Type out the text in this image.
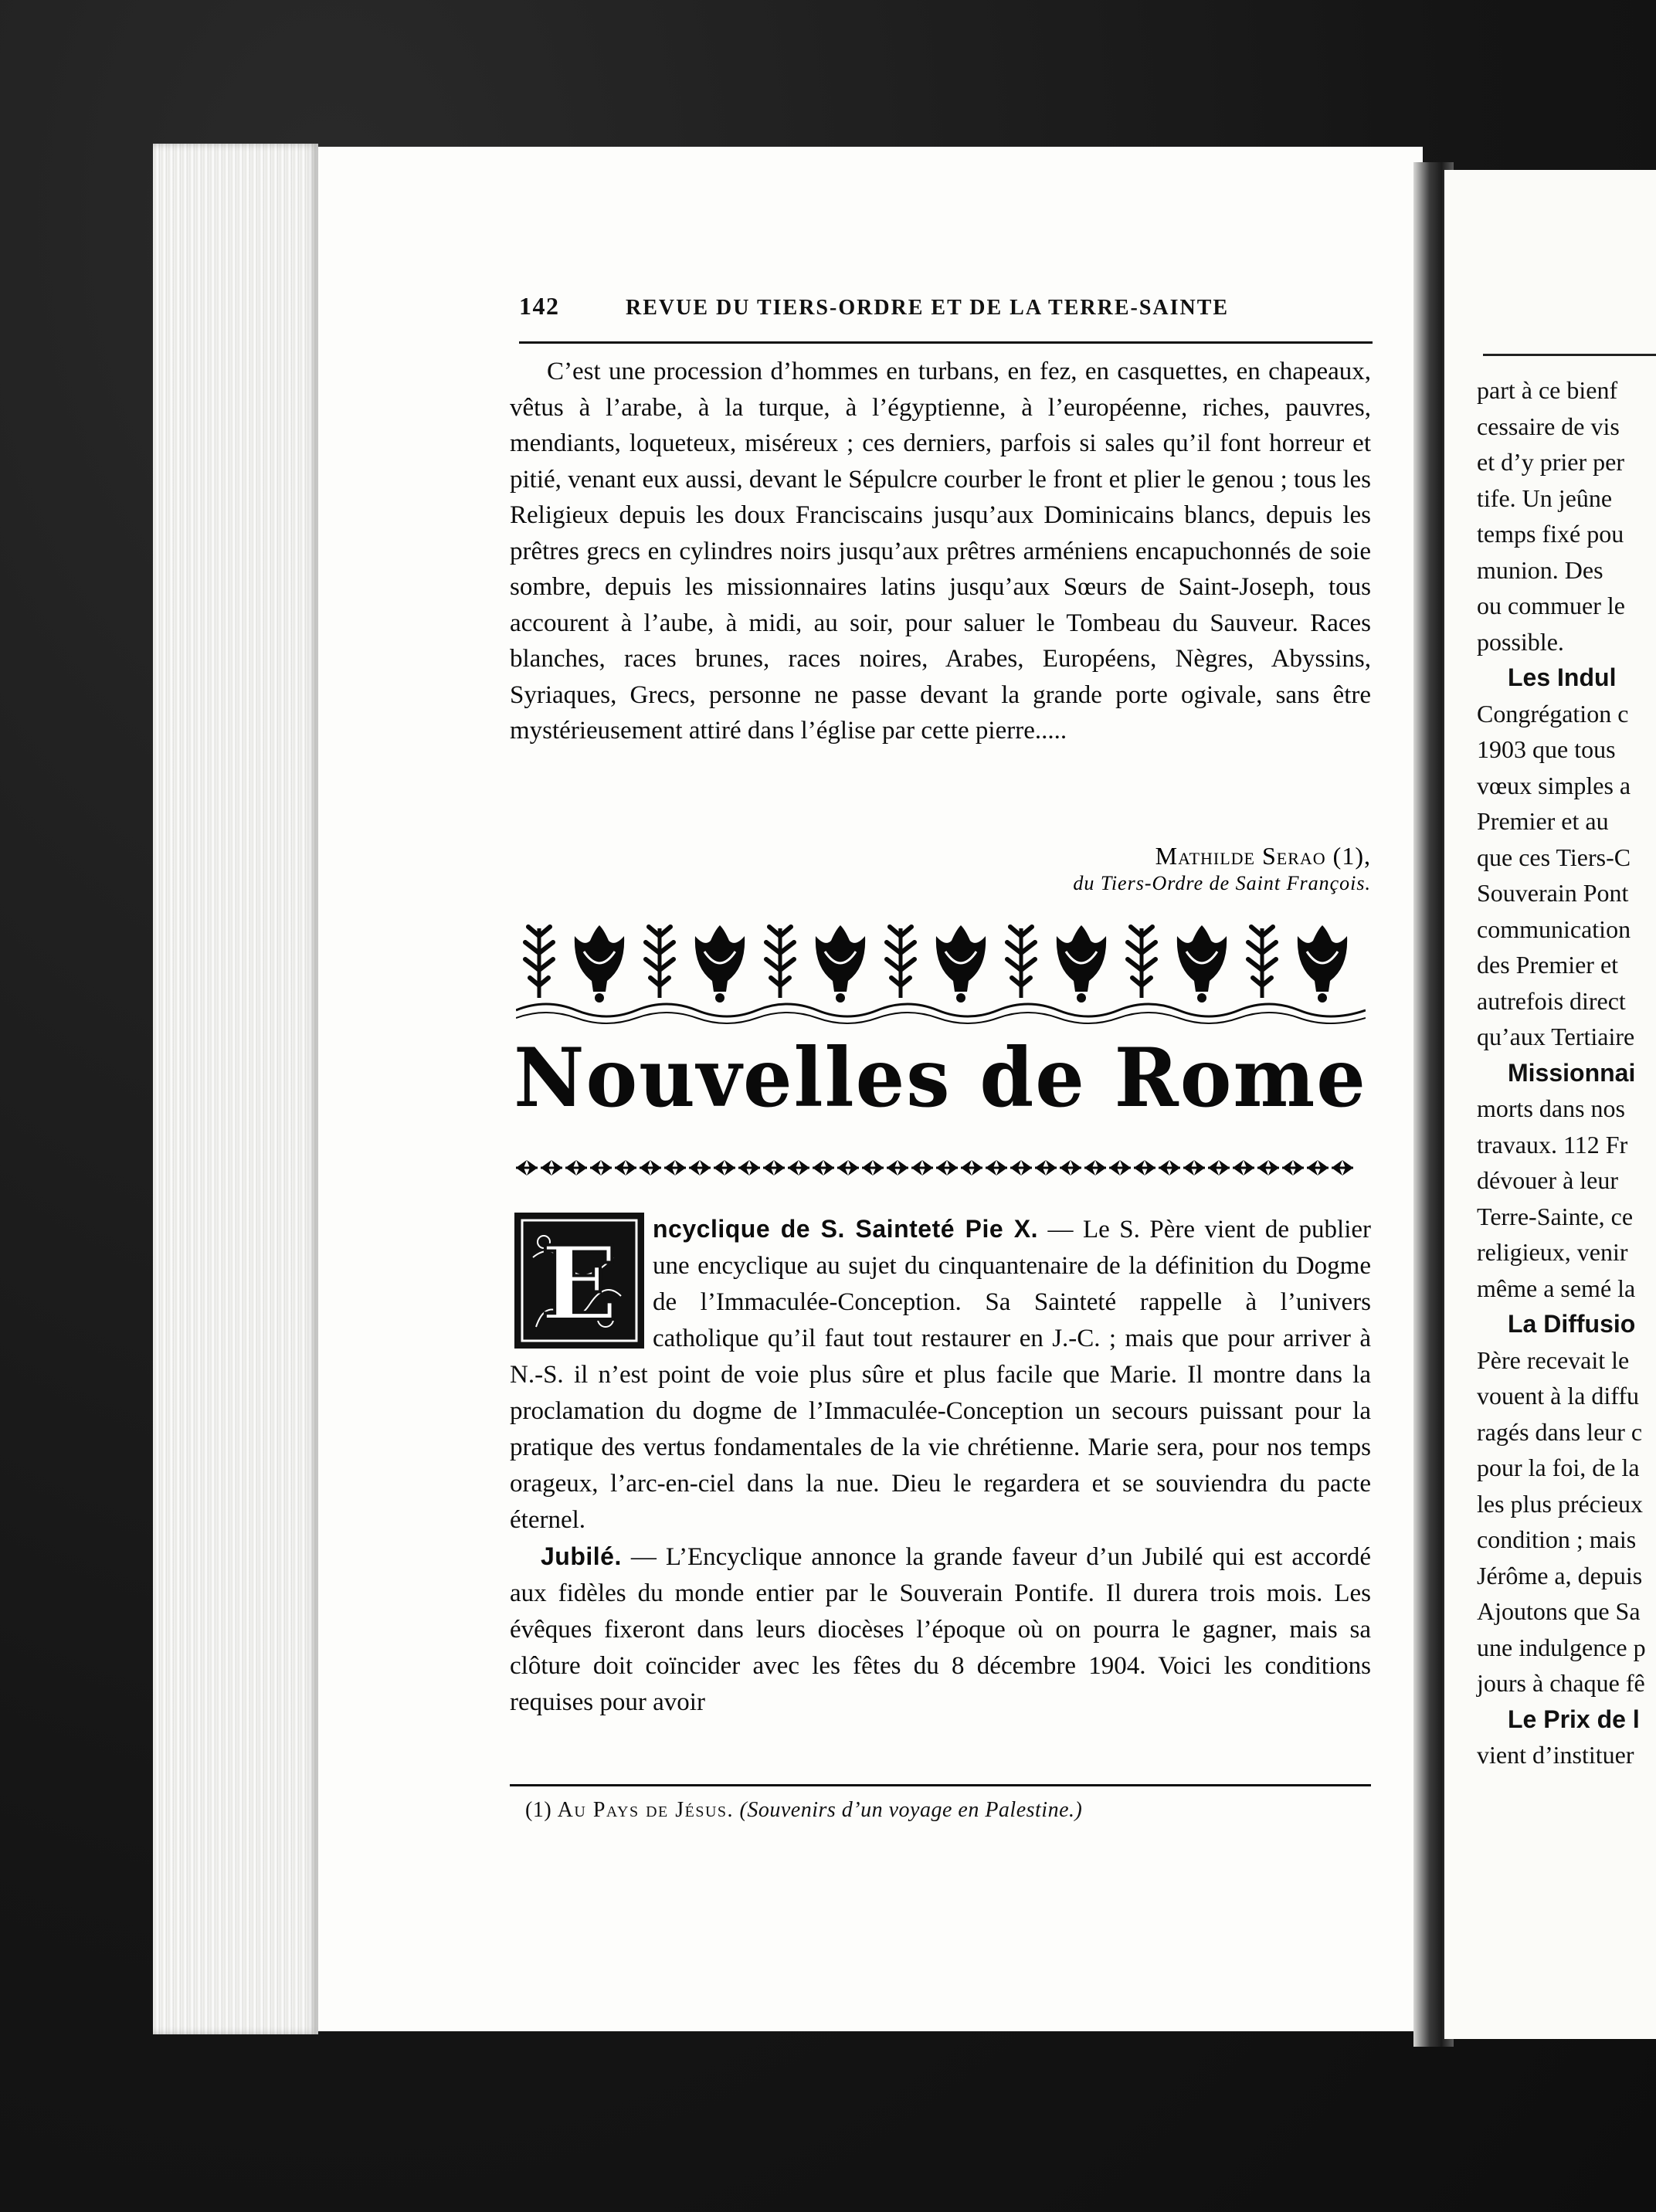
142	REVUE DU TIERS-ORDRE ET DE LA TERRE-SAINTE
C’est une procession d’hommes en turbans, en fez, en casquettes, en chapeaux, vêtus à l’arabe, à la turque, à l’égyptienne, à l’européenne, riches, pauvres, mendiants, loqueteux, miséreux ; ces derniers, parfois si sales qu’il font horreur et pitié, venant eux aussi, devant le Sépulcre courber le front et plier le genou ; tous les Religieux depuis les doux Franciscains jusqu’aux Dominicains blancs, depuis les prêtres grecs en cylindres noirs jusqu’aux prêtres arméniens encapuchonnés de soie sombre, depuis les missionnaires latins jusqu’aux Sœurs de Saint-Joseph, tous accourent à l’aube, à midi, au soir, pour saluer le Tombeau du Sauveur. Races blanches, races brunes, races noires, Arabes, Européens, Nègres, Abyssins, Syriaques, Grecs, personne ne passe devant la grande porte ogivale, sans être mystérieusement attiré dans l’église par cette pierre.....
Mathilde Serao (1),
du Tiers-Ordre de Saint François.
Nouvelles de Rome
E	ncyclique de S. Sainteté Pie X. — Le S. Père vient de publier une encyclique au sujet du cinquantenaire de la définition du Dogme de l’Immaculée-Conception. Sa Sainteté rappelle à l’univers catholique qu’il faut tout restaurer en J.-C. ; mais que pour arriver à N.-S. il n’est point de voie plus sûre et plus facile que Marie. Il montre dans la proclamation du dogme de l’Immaculée-Conception un secours puissant pour la pratique des vertus fondamentales de la vie chrétienne. Marie sera, pour nos temps orageux, l’arc-en-ciel dans la nue. Dieu le regardera et se souviendra du pacte éternel.
Jubilé. — L’Encyclique annonce la grande faveur d’un Jubilé qui est accordé aux fidèles du monde entier par le Souverain Pontife. Il durera trois mois. Les évêques fixeront dans leurs diocèses l’époque où on pourra le gagner, mais sa clôture doit coïncider avec les fêtes du 8 décembre 1904. Voici les conditions requises pour avoir
(1) Au Pays de Jésus. (Souvenirs d’un voyage en Palestine.)
part à ce bienf
cessaire de vis
et d’y prier per
tife. Un jeûne
temps fixé pou
munion. Des
ou commuer le
possible.
Les Indul
Congrégation c
1903 que tous
vœux simples a
Premier et au
que ces Tiers-C
Souverain Pont
communication
des Premier et
autrefois direct
qu’aux Tertiaire
Missionnai
morts dans nos
travaux. 112 Fr
dévouer à leur
Terre-Sainte, ce
religieux, venir
même a semé la
La Diffusio
Père recevait le
vouent à la diffu
ragés dans leur c
pour la foi, de la
les plus précieux
condition ; mais
Jérôme a, depuis
Ajoutons que Sa
une indulgence p
jours à chaque fê
Le Prix de l
vient d’instituer
